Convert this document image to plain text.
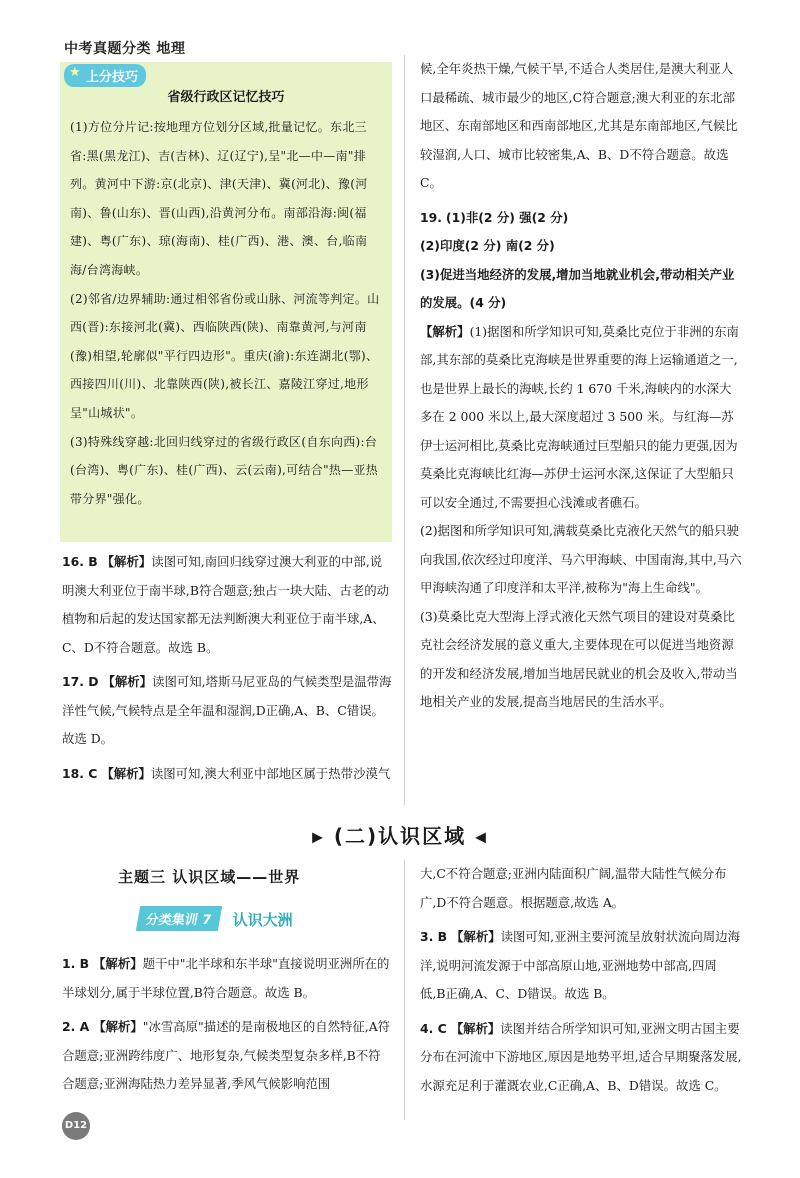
中考真题分类 地理
★ 上分技巧
省级行政区记忆技巧

(1)方位分片记:按地理方位划分区域,批量记忆。东北三省:黑(黑龙江)、吉(吉林)、辽(辽宁),呈"北—中—南"排列。黄河中下游:京(北京)、津(天津)、冀(河北)、豫(河南)、鲁(山东)、晋(山西),沿黄河分布。南部沿海:闽(福建)、粤(广东)、琼(海南)、桂(广西)、港、澳、台,临南海/台湾海峡。

(2)邻省/边界辅助:通过相邻省份或山脉、河流等判定。山西(晋):东接河北(冀)、西临陕西(陕)、南靠黄河,与河南(豫)相望,轮廓似"平行四边形"。重庆(渝):东连湖北(鄂)、西接四川(川)、北靠陕西(陕),被长江、嘉陵江穿过,地形呈"山城状"。

(3)特殊线穿越:北回归线穿过的省级行政区(自东向西):台(台湾)、粤(广东)、桂(广西)、云(云南),可结合"热—亚热带分界"强化。

16. B 【解析】读图可知,南回归线穿过澳大利亚的中部,说明澳大利亚位于南半球,B符合题意;独占一块大陆、古老的动植物和后起的发达国家都无法判断澳大利亚位于南半球,A、C、D不符合题意。故选 B。

17. D 【解析】读图可知,塔斯马尼亚岛的气候类型是温带海洋性气候,气候特点是全年温和湿润,D正确,A、B、C错误。故选 D。

18. C 【解析】读图可知,澳大利亚中部地区属于热带沙漠气

候,全年炎热干燥,气候干旱,不适合人类居住,是澳大利亚人口最稀疏、城市最少的地区,C符合题意;澳大利亚的东北部地区、东南部地区和西南部地区,尤其是东南部地区,气候比较湿润,人口、城市比较密集,A、B、D不符合题意。故选 C。

19. (1)非(2 分) 强(2 分)

(2)印度(2 分) 南(2 分)

(3)促进当地经济的发展,增加当地就业机会,带动相关产业的发展。(4 分)

【解析】(1)据图和所学知识可知,莫桑比克位于非洲的东南部,其东部的莫桑比克海峡是世界重要的海上运输通道之一,也是世界上最长的海峡,长约 1 670 千米,海峡内的水深大多在 2 000 米以上,最大深度超过 3 500 米。与红海—苏伊士运河相比,莫桑比克海峡通过巨型船只的能力更强,因为莫桑比克海峡比红海—苏伊士运河水深,这保证了大型船只可以安全通过,不需要担心浅滩或者礁石。

(2)据图和所学知识可知,满载莫桑比克液化天然气的船只驶向我国,依次经过印度洋、马六甲海峡、中国南海,其中,马六甲海峡沟通了印度洋和太平洋,被称为"海上生命线"。

(3)莫桑比克大型海上浮式液化天然气项目的建设对莫桑比克社会经济发展的意义重大,主要体现在可以促进当地资源的开发和经济发展,增加当地居民就业的机会及收入,带动当地相关产业的发展,提高当地居民的生活水平。

▶ (二)认识区域 ◀
主题三 认识区域——世界
分类集训 7 认识大洲

1. B 【解析】题干中"北半球和东半球"直接说明亚洲所在的半球划分,属于半球位置,B符合题意。故选 B。

2. A 【解析】"冰雪高原"描述的是南极地区的自然特征,A符合题意;亚洲跨纬度广、地形复杂,气候类型复杂多样,B不符合题意;亚洲海陆热力差异显著,季风气候影响范围

大,C不符合题意;亚洲内陆面积广阔,温带大陆性气候分布广,D不符合题意。根据题意,故选 A。

3. B 【解析】读图可知,亚洲主要河流呈放射状流向周边海洋,说明河流发源于中部高原山地,亚洲地势中部高,四周低,B正确,A、C、D错误。故选 B。

4. C 【解析】读图并结合所学知识可知,亚洲文明古国主要分布在河流中下游地区,原因是地势平坦,适合早期聚落发展,水源充足利于灌溉农业,C正确,A、B、D错误。故选 C。

D12
